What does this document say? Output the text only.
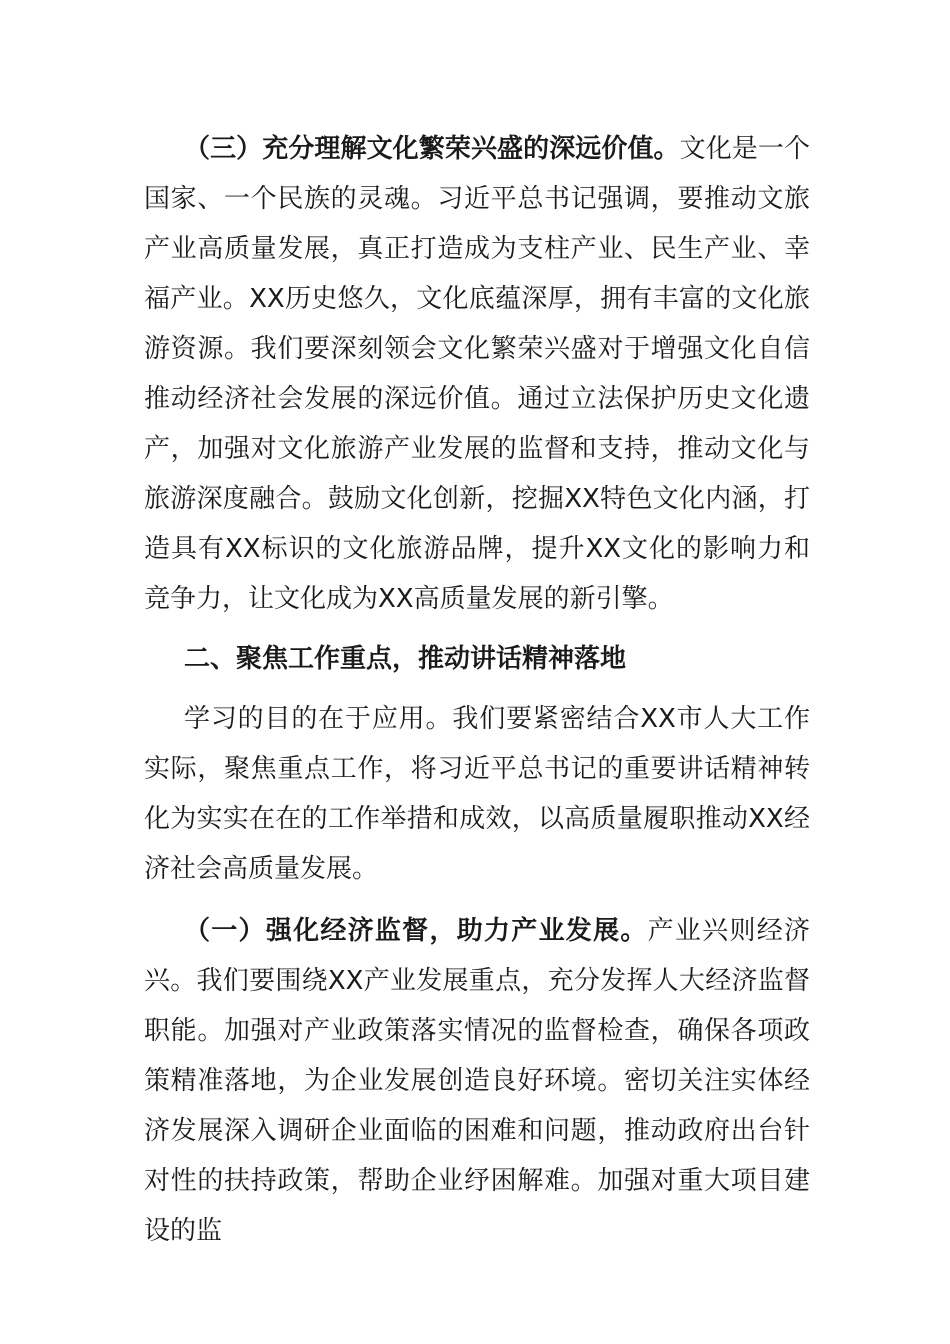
（三）充分理解文化繁荣兴盛的深远价值。文化是一个国家、一个民族的灵魂。习近平总书记强调，要推动文旅产业高质量发展，真正打造成为支柱产业、民生产业、幸福产业。XX历史悠久，文化底蕴深厚，拥有丰富的文化旅游资源。我们要深刻领会文化繁荣兴盛对于增强文化自信推动经济社会发展的深远价值。通过立法保护历史文化遗产，加强对文化旅游产业发展的监督和支持，推动文化与旅游深度融合。鼓励文化创新，挖掘XX特色文化内涵，打造具有XX标识的文化旅游品牌，提升XX文化的影响力和竞争力，让文化成为XX高质量发展的新引擎。

二、聚焦工作重点，推动讲话精神落地

学习的目的在于应用。我们要紧密结合XX市人大工作实际，聚焦重点工作，将习近平总书记的重要讲话精神转化为实实在在的工作举措和成效，以高质量履职推动XX经济社会高质量发展。

（一）强化经济监督，助力产业发展。产业兴则经济兴。我们要围绕XX产业发展重点，充分发挥人大经济监督职能。加强对产业政策落实情况的监督检查，确保各项政策精准落地，为企业发展创造良好环境。密切关注实体经济发展深入调研企业面临的困难和问题，推动政府出台针对性的扶持政策，帮助企业纾困解难。加强对重大项目建设的监
